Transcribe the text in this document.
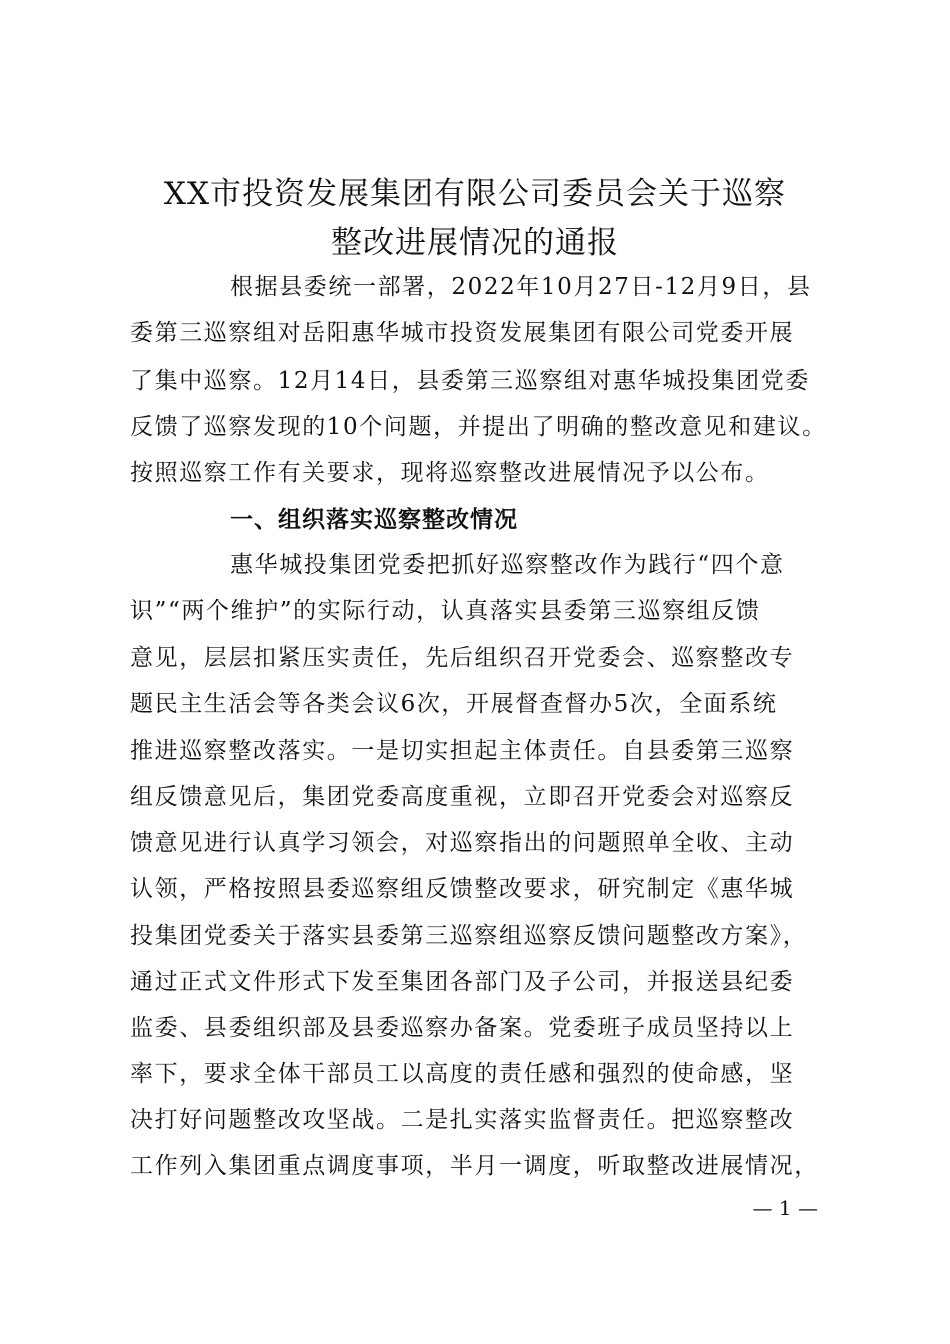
XX市投资发展集团有限公司委员会关于巡察
整改进展情况的通报
根据县委统一部署，2022年10月27日-12月9日，县
委第三巡察组对岳阳惠华城市投资发展集团有限公司党委开展
了集中巡察。12月14日，县委第三巡察组对惠华城投集团党委
反馈了巡察发现的10个问题，并提出了明确的整改意见和建议。
按照巡察工作有关要求，现将巡察整改进展情况予以公布。
一、组织落实巡察整改情况
惠华城投集团党委把抓好巡察整改作为践行“四个意
识”“两个维护”的实际行动，认真落实县委第三巡察组反馈
意见，层层扣紧压实责任，先后组织召开党委会、巡察整改专
题民主生活会等各类会议6次，开展督查督办5次，全面系统
推进巡察整改落实。一是切实担起主体责任。自县委第三巡察
组反馈意见后，集团党委高度重视，立即召开党委会对巡察反
馈意见进行认真学习领会，对巡察指出的问题照单全收、主动
认领，严格按照县委巡察组反馈整改要求，研究制定《惠华城
投集团党委关于落实县委第三巡察组巡察反馈问题整改方案》，
通过正式文件形式下发至集团各部门及子公司，并报送县纪委
监委、县委组织部及县委巡察办备案。党委班子成员坚持以上
率下，要求全体干部员工以高度的责任感和强烈的使命感，坚
决打好问题整改攻坚战。二是扎实落实监督责任。把巡察整改
工作列入集团重点调度事项，半月一调度，听取整改进展情况，
— 1 —
